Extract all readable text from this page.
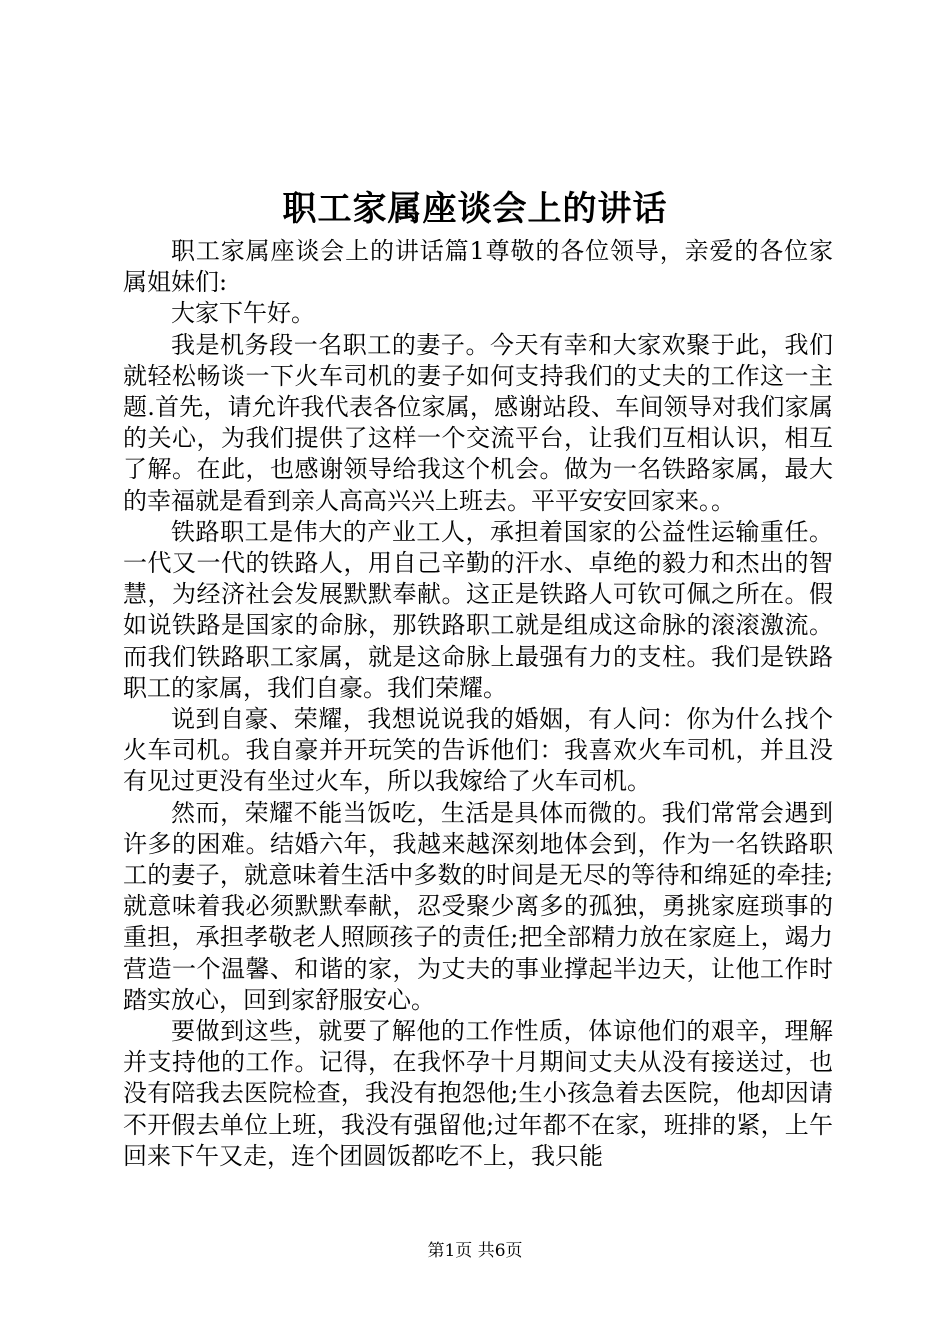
职工家属座谈会上的讲话

职工家属座谈会上的讲话篇1尊敬的各位领导，亲爱的各位家属姐妹们:

大家下午好。

我是机务段一名职工的妻子。今天有幸和大家欢聚于此，我们就轻松畅谈一下火车司机的妻子如何支持我们的丈夫的工作这一主题.首先，请允许我代表各位家属，感谢站段、车间领导对我们家属的关心，为我们提供了这样一个交流平台，让我们互相认识，相互了解。在此，也感谢领导给我这个机会。做为一名铁路家属，最大的幸福就是看到亲人高高兴兴上班去。平平安安回家来。。

铁路职工是伟大的产业工人，承担着国家的公益性运输重任。一代又一代的铁路人，用自己辛勤的汗水、卓绝的毅力和杰出的智慧，为经济社会发展默默奉献。这正是铁路人可钦可佩之所在。假如说铁路是国家的命脉，那铁路职工就是组成这命脉的滚滚激流。而我们铁路职工家属，就是这命脉上最强有力的支柱。我们是铁路职工的家属，我们自豪。我们荣耀。

说到自豪、荣耀，我想说说我的婚姻，有人问：你为什么找个火车司机。我自豪并开玩笑的告诉他们：我喜欢火车司机，并且没有见过更没有坐过火车，所以我嫁给了火车司机。

然而，荣耀不能当饭吃，生活是具体而微的。我们常常会遇到许多的困难。结婚六年，我越来越深刻地体会到，作为一名铁路职工的妻子，就意味着生活中多数的时间是无尽的等待和绵延的牵挂;就意味着我必须默默奉献，忍受聚少离多的孤独，勇挑家庭琐事的重担，承担孝敬老人照顾孩子的责任;把全部精力放在家庭上，竭力营造一个温馨、和谐的家，为丈夫的事业撑起半边天，让他工作时踏实放心，回到家舒服安心。

要做到这些，就要了解他的工作性质，体谅他们的艰辛，理解并支持他的工作。记得，在我怀孕十月期间丈夫从没有接送过，也没有陪我去医院检查，我没有抱怨他;生小孩急着去医院，他却因请不开假去单位上班，我没有强留他;过年都不在家，班排的紧，上午回来下午又走，连个团圆饭都吃不上，我只能

第1页 共6页
